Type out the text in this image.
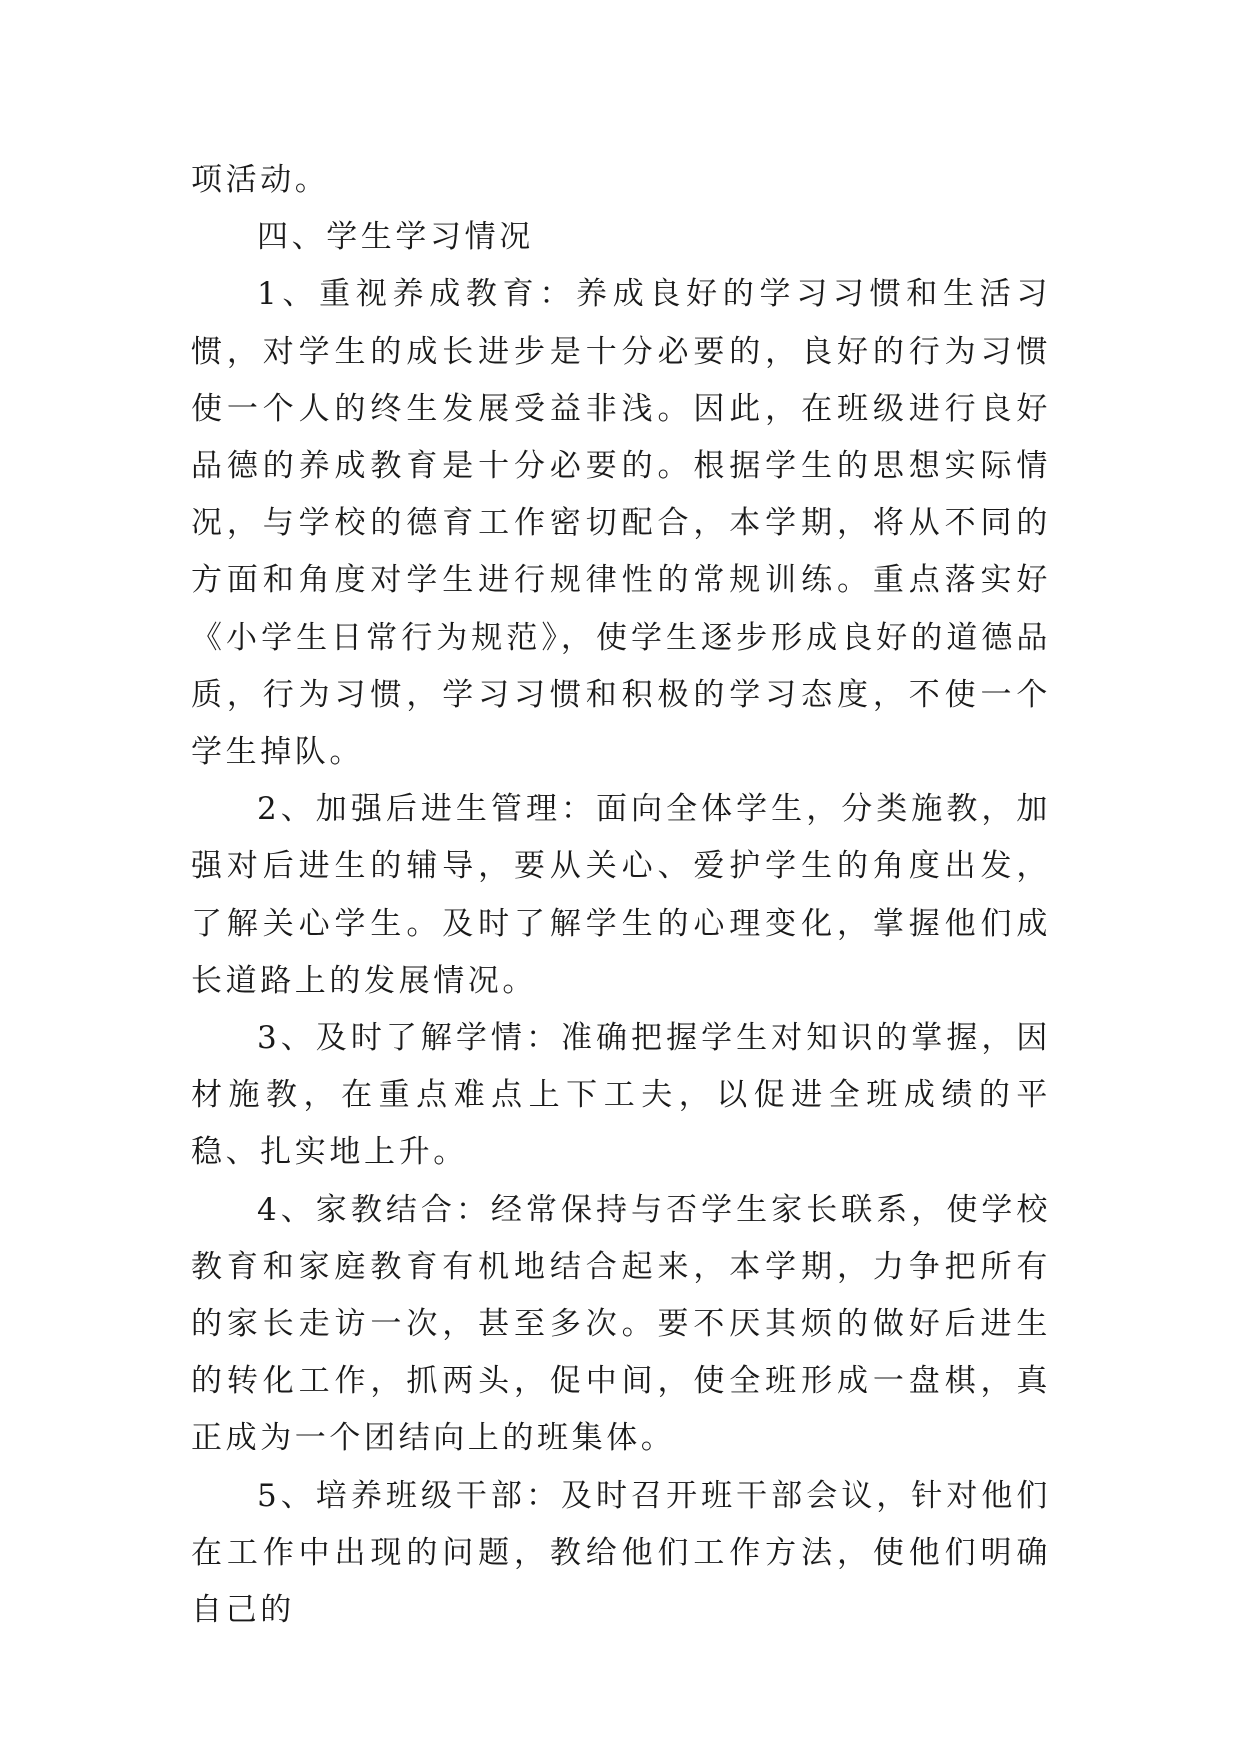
项活动。

四、学生学习情况

1、重视养成教育：养成良好的学习习惯和生活习惯，对学生的成长进步是十分必要的，良好的行为习惯使一个人的终生发展受益非浅。因此，在班级进行良好品德的养成教育是十分必要的。根据学生的思想实际情况，与学校的德育工作密切配合，本学期，将从不同的方面和角度对学生进行规律性的常规训练。重点落实好《小学生日常行为规范》，使学生逐步形成良好的道德品质，行为习惯，学习习惯和积极的学习态度，不使一个学生掉队。

2、加强后进生管理：面向全体学生，分类施教，加强对后进生的辅导，要从关心、爱护学生的角度出发，了解关心学生。及时了解学生的心理变化，掌握他们成长道路上的发展情况。

3、及时了解学情：准确把握学生对知识的掌握，因材施教，在重点难点上下工夫，以促进全班成绩的平稳、扎实地上升。

4、家教结合：经常保持与否学生家长联系，使学校教育和家庭教育有机地结合起来，本学期，力争把所有的家长走访一次，甚至多次。要不厌其烦的做好后进生的转化工作，抓两头，促中间，使全班形成一盘棋，真正成为一个团结向上的班集体。

5、培养班级干部：及时召开班干部会议，针对他们在工作中出现的问题，教给他们工作方法，使他们明确自己的
